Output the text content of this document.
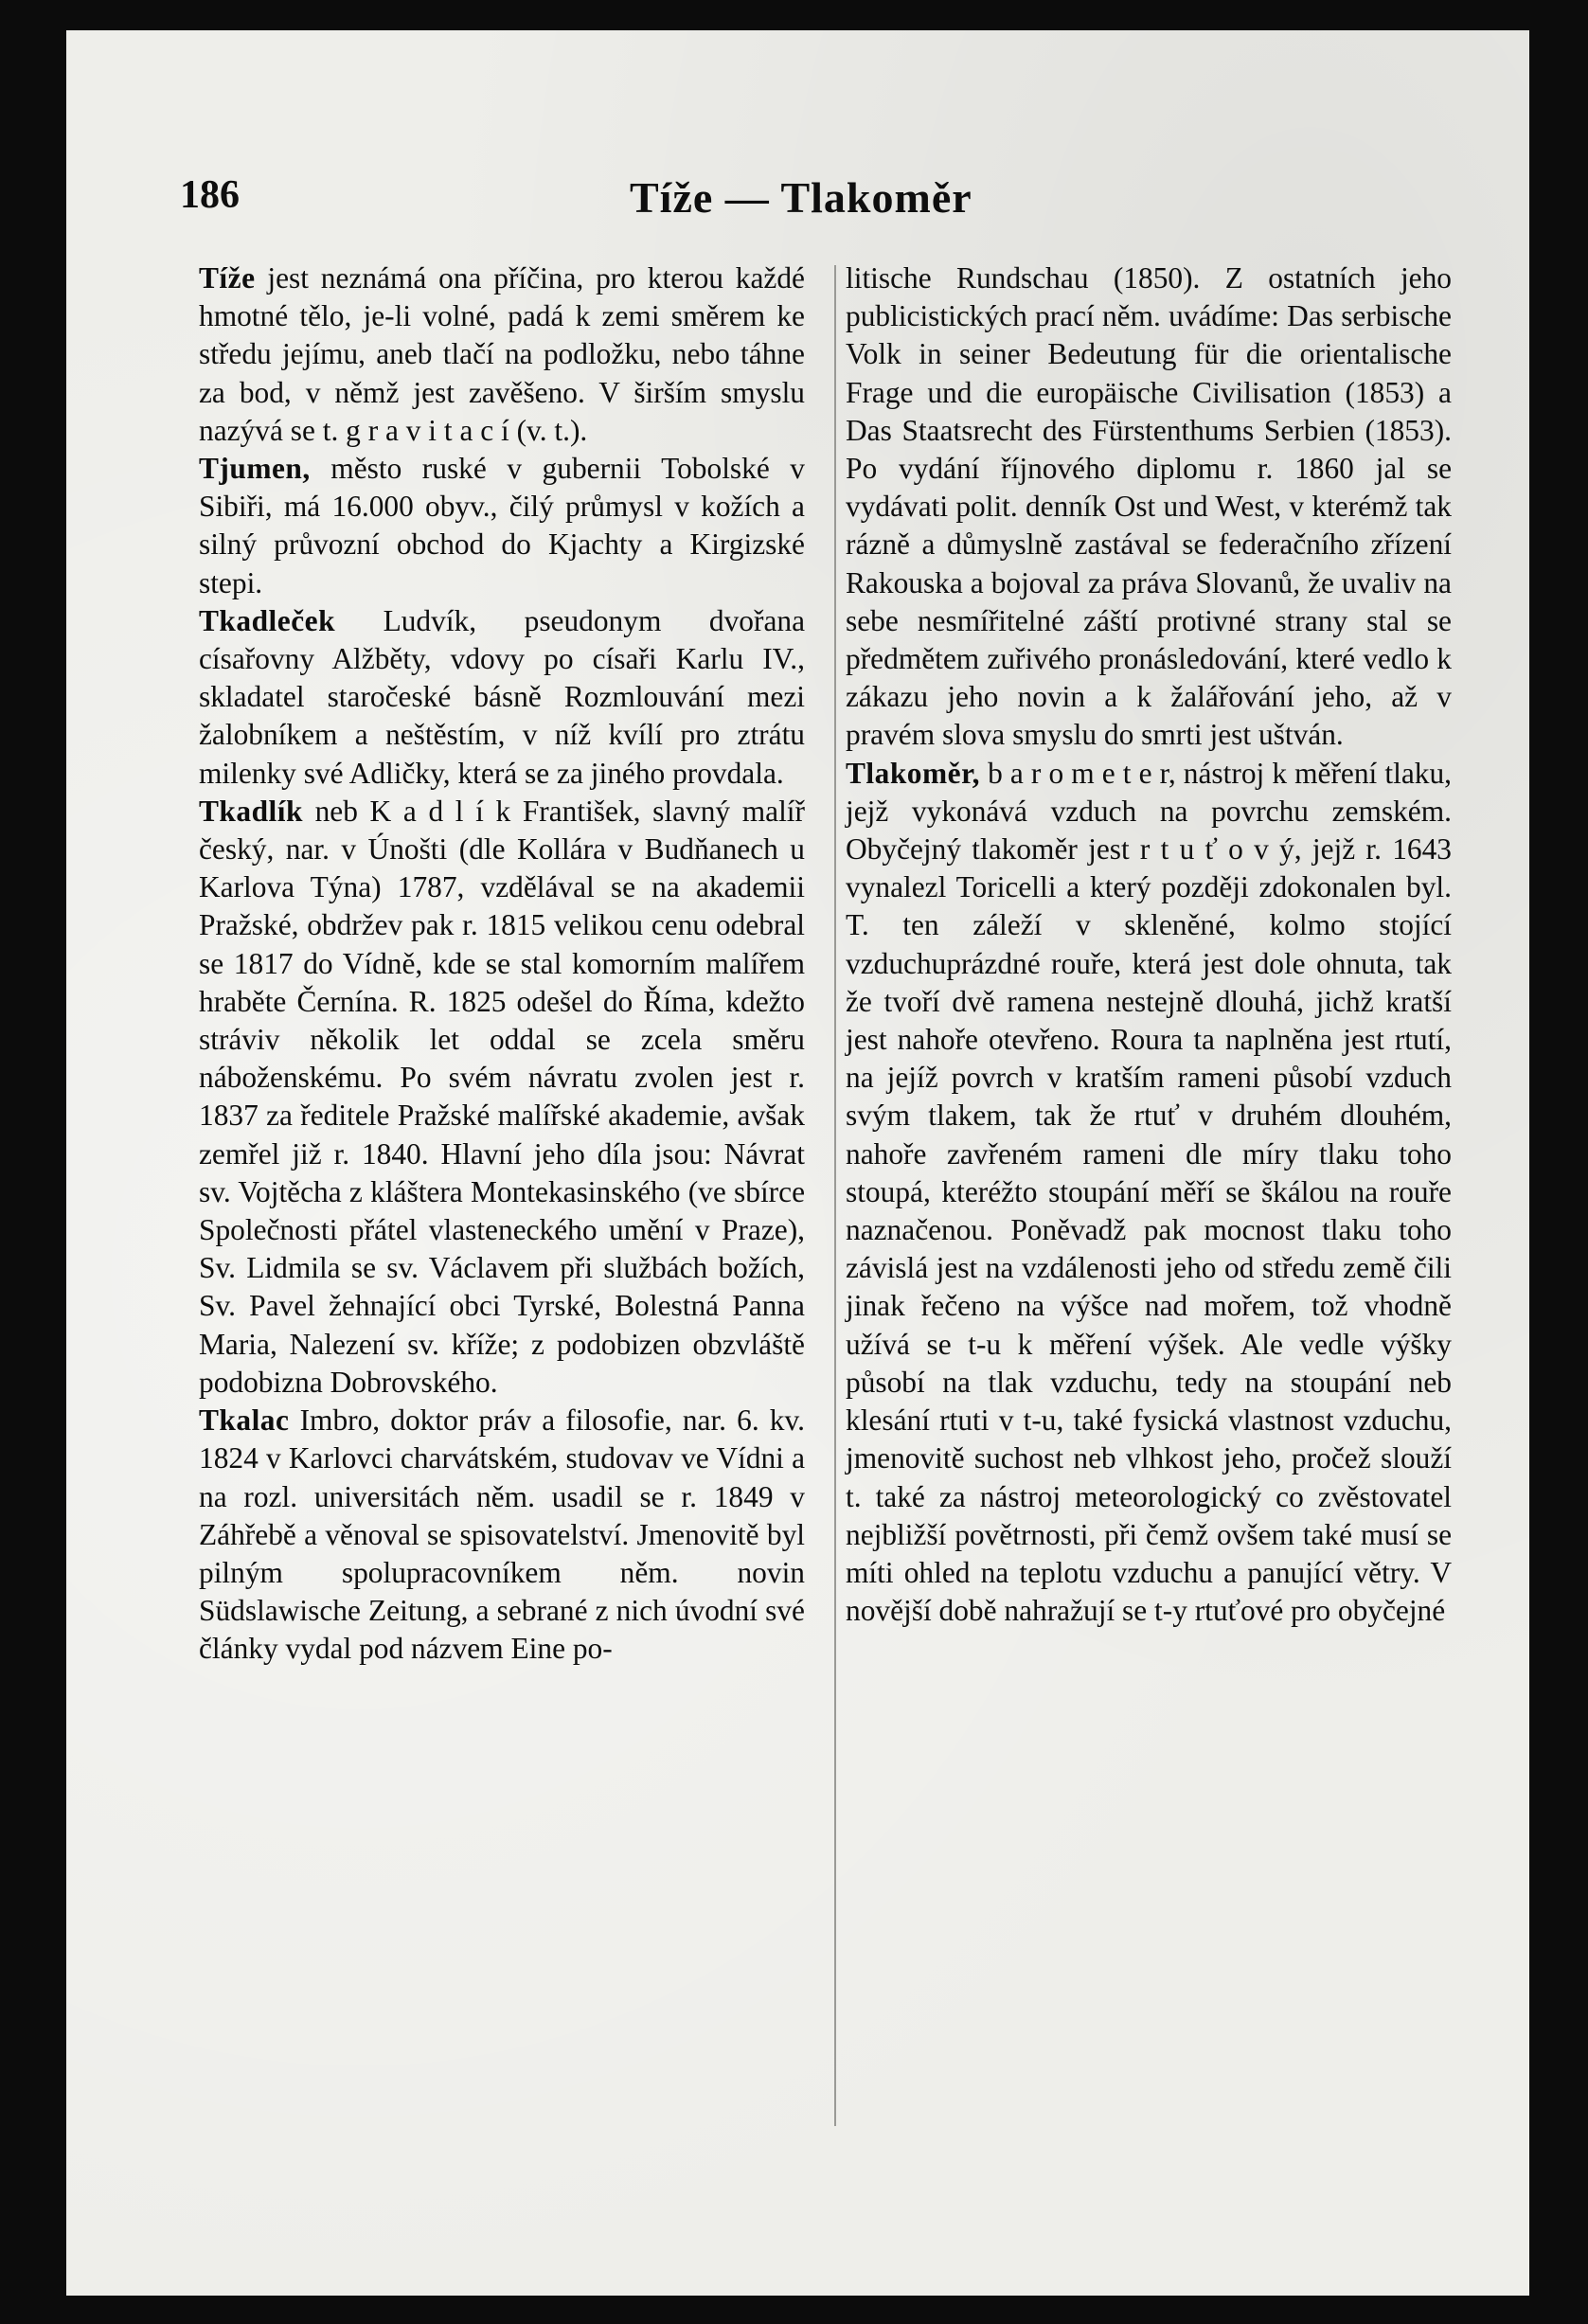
186	Tíže — Tlakoměr

Tíže jest neznámá ona příčina, pro kterou každé hmotné tělo, je-li volné, padá k zemi směrem ke středu jejímu, aneb tlačí na podložku, nebo táhne za bod, v němž jest zavěšeno. V širším smyslu nazývá se t. g r a v i t a c í (v. t.).

Tjumen, město ruské v gubernii Tobolské v Sibiři, má 16.000 obyv., čilý průmysl v kožích a silný průvozní obchod do Kjachty a Kirgizské stepi.

Tkadleček Ludvík, pseudonym dvořana císařovny Alžběty, vdovy po císaři Karlu IV., skladatel staročeské básně Rozmlouvání mezi žalobníkem a neštěstím, v níž kvílí pro ztrátu milenky své Adličky, která se za jiného provdala.

Tkadlík neb K a d l í k František, slavný malíř český, nar. v Únošti (dle Kollára v Budňanech u Karlova Týna) 1787, vzdělával se na akademii Pražské, obdržev pak r. 1815 velikou cenu odebral se 1817 do Vídně, kde se stal komorním malířem hraběte Černína. R. 1825 odešel do Říma, kdežto stráviv několik let oddal se zcela směru náboženskému. Po svém návratu zvolen jest r. 1837 za ředitele Pražské malířské akademie, avšak zemřel již r. 1840. Hlavní jeho díla jsou: Návrat sv. Vojtěcha z kláštera Montekasinského (ve sbírce Společnosti přátel vlasteneckého umění v Praze), Sv. Lidmila se sv. Václavem při službách božích, Sv. Pavel žehnající obci Tyrské, Bolestná Panna Maria, Nalezení sv. kříže; z podobizen obzvláště podobizna Dobrovského.

Tkalac Imbro, doktor práv a filosofie, nar. 6. kv. 1824 v Karlovci charvátském, studovav ve Vídni a na rozl. universitách něm. usadil se r. 1849 v Záhřebě a věnoval se spisovatelství. Jmenovitě byl pilným spolupracovníkem něm. novin Südslawische Zeitung, a sebrané z nich úvodní své články vydal pod názvem Eine po-

litische Rundschau (1850). Z ostatních jeho publicistických prací něm. uvádíme: Das serbische Volk in seiner Bedeutung für die orientalische Frage und die europäische Civilisation (1853) a Das Staatsrecht des Fürstenthums Serbien (1853). Po vydání říjnového diplomu r. 1860 jal se vydávati polit. denník Ost und West, v kterémž tak rázně a důmyslně zastával se federačního zřízení Rakouska a bojoval za práva Slovanů, že uvaliv na sebe nesmířitelné záští protivné strany stal se předmětem zuřivého pronásledování, které vedlo k zákazu jeho novin a k žalářování jeho, až v pravém slova smyslu do smrti jest uštván.

Tlakoměr, b a r o m e t e r, nástroj k měření tlaku, jejž vykonává vzduch na povrchu zemském. Obyčejný tlakoměr jest r t u ť o v ý, jejž r. 1643 vynalezl Toricelli a který později zdokonalen byl. T. ten záleží v skleněné, kolmo stojící vzduchuprázdné rouře, která jest dole ohnuta, tak že tvoří dvě ramena nestejně dlouhá, jichž kratší jest nahoře otevřeno. Roura ta naplněna jest rtutí, na jejíž povrch v kratším rameni působí vzduch svým tlakem, tak že rtuť v druhém dlouhém, nahoře zavřeném rameni dle míry tlaku toho stoupá, kteréžto stoupání měří se škálou na rouře naznačenou. Poněvadž pak mocnost tlaku toho závislá jest na vzdálenosti jeho od středu země čili jinak řečeno na výšce nad mořem, tož vhodně užívá se t-u k měření výšek. Ale vedle výšky působí na tlak vzduchu, tedy na stoupání neb klesání rtuti v t-u, také fysická vlastnost vzduchu, jmenovitě suchost neb vlhkost jeho, pročež slouží t. také za nástroj meteorologický co zvěstovatel nejbližší povětrnosti, při čemž ovšem také musí se míti ohled na teplotu vzduchu a panující větry. V novější době nahražují se t-y rtuťové pro obyčejné
